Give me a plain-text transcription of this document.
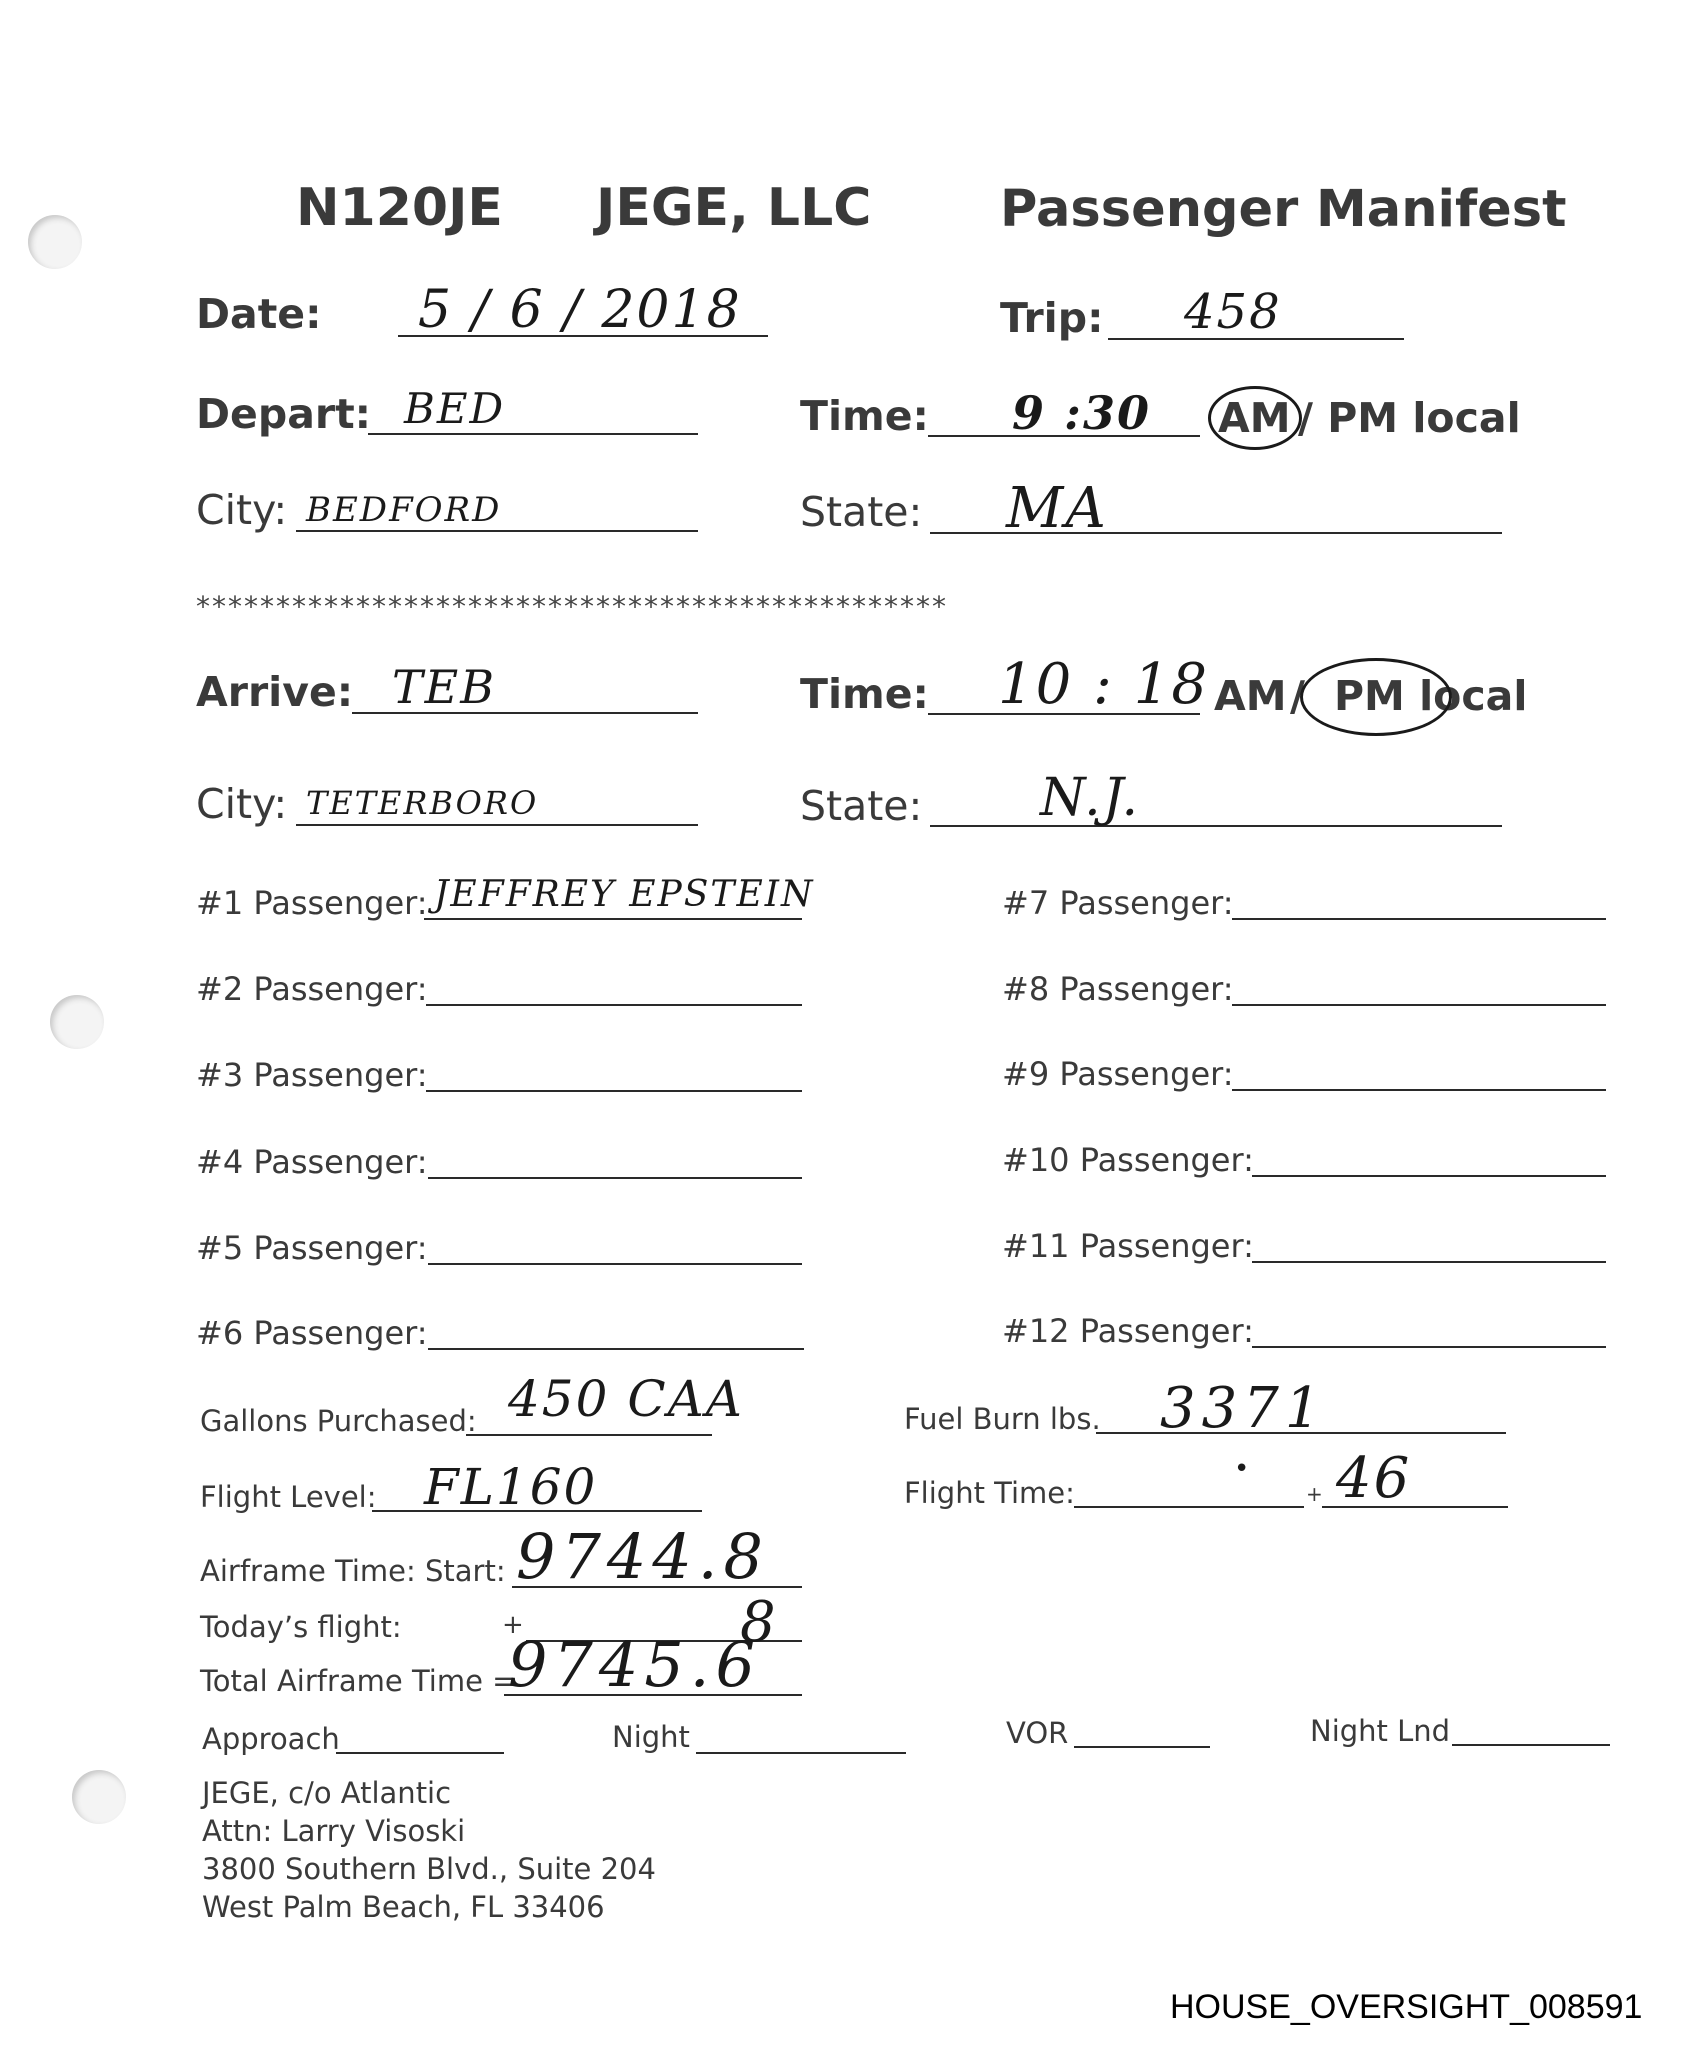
N120JE JEGE, LLC	Passenger Manifest
Date: 5 / 6 / 2018	Trip: 458
Depart: BED	Time: 9 :30 AM / PM local
City: BEDFORD	State: MA
***********************************************
Arrive: TEB	Time: 10 : 18 AM / PM local
City: TETERBORO	State: N.J.
#1 Passenger: JEFFREY EPSTEIN
#2 Passenger:
#3 Passenger:
#4 Passenger:
#5 Passenger:
#6 Passenger:
#7 Passenger:
#8 Passenger:
#9 Passenger:
#10 Passenger:
#11 Passenger:
#12 Passenger:
Gallons Purchased: 450 CAA	Fuel Burn lbs. 3371
Flight Level: FL160	Flight Time:
•
+ 46
Airframe Time: Start: 9744.8
Today’s flight:	+	8
Total Airframe Time =
9745.6
Approach	Night	VOR	Night Lnd
JEGE, c/o Atlantic
Attn: Larry Visoski
3800 Southern Blvd., Suite 204
West Palm Beach, FL 33406
HOUSE_OVERSIGHT_008591
